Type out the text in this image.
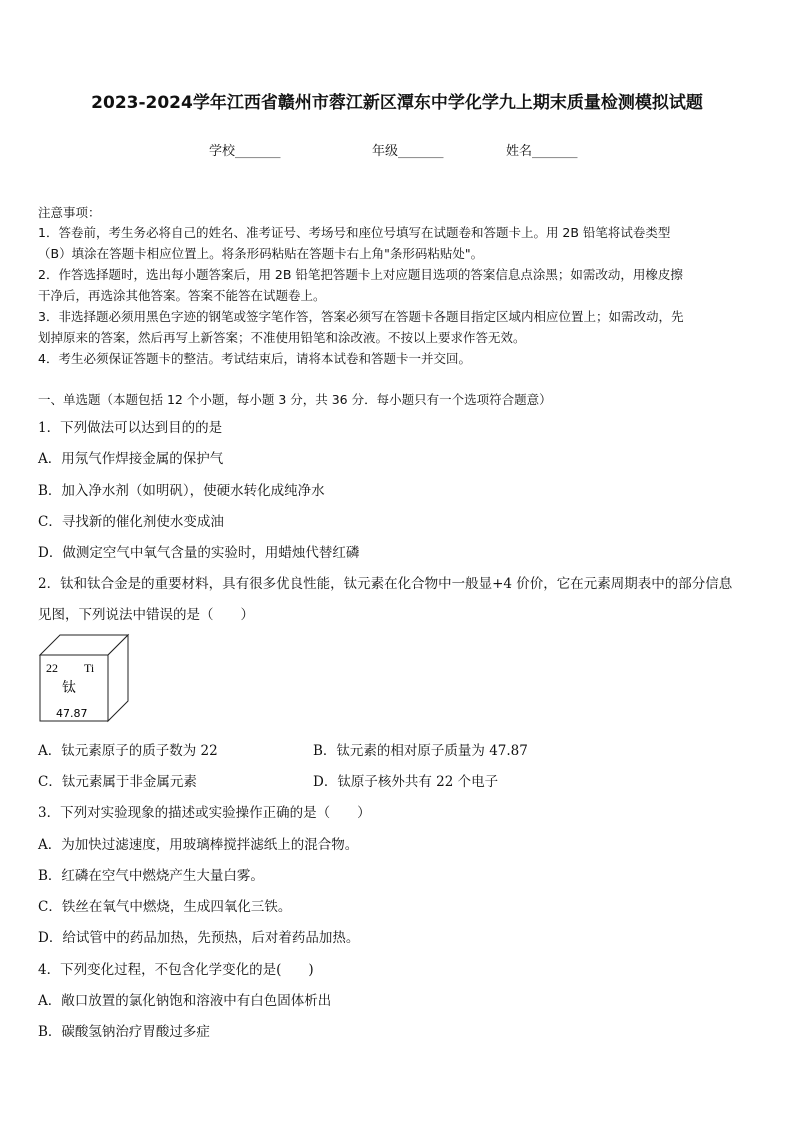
2023-2024学年江西省赣州市蓉江新区潭东中学化学九上期末质量检测模拟试题
学校_______	年级_______	姓名_______
注意事项：
1．答卷前，考生务必将自己的姓名、准考证号、考场号和座位号填写在试题卷和答题卡上。用 2B 铅笔将试卷类型
（B）填涂在答题卡相应位置上。将条形码粘贴在答题卡右上角"条形码粘贴处"。
2．作答选择题时，选出每小题答案后，用 2B 铅笔把答题卡上对应题目选项的答案信息点涂黑；如需改动，用橡皮擦
干净后，再选涂其他答案。答案不能答在试题卷上。
3．非选择题必须用黑色字迹的钢笔或签字笔作答，答案必须写在答题卡各题目指定区域内相应位置上；如需改动，先
划掉原来的答案，然后再写上新答案；不准使用铅笔和涂改液。不按以上要求作答无效。
4．考生必须保证答题卡的整洁。考试结束后，请将本试卷和答题卡一并交回。
一、单选题（本题包括 12 个小题，每小题 3 分，共 36 分．每小题只有一个选项符合题意）
1．下列做法可以达到目的的是
A．用氖气作焊接金属的保护气
B．加入净水剂（如明矾），使硬水转化成纯净水
C．寻找新的催化剂使水变成油
D．做测定空气中氧气含量的实验时，用蜡烛代替红磷
2．钛和钛合金是的重要材料，具有很多优良性能，钛元素在化合物中一般显+4 价价，它在元素周期表中的部分信息
见图，下列说法中错误的是（　　）
22 Ti
钛
47.87
A．钛元素原子的质子数为 22	B．钛元素的相对原子质量为 47.87
C．钛元素属于非金属元素	D．钛原子核外共有 22 个电子
3．下列对实验现象的描述或实验操作正确的是（　　）
A．为加快过滤速度，用玻璃棒搅拌滤纸上的混合物。
B．红磷在空气中燃烧产生大量白雾。
C．铁丝在氧气中燃烧，生成四氧化三铁。
D．给试管中的药品加热，先预热，后对着药品加热。
4．下列变化过程，不包含化学变化的是(　　)
A．敞口放置的氯化钠饱和溶液中有白色固体析出
B．碳酸氢钠治疗胃酸过多症
